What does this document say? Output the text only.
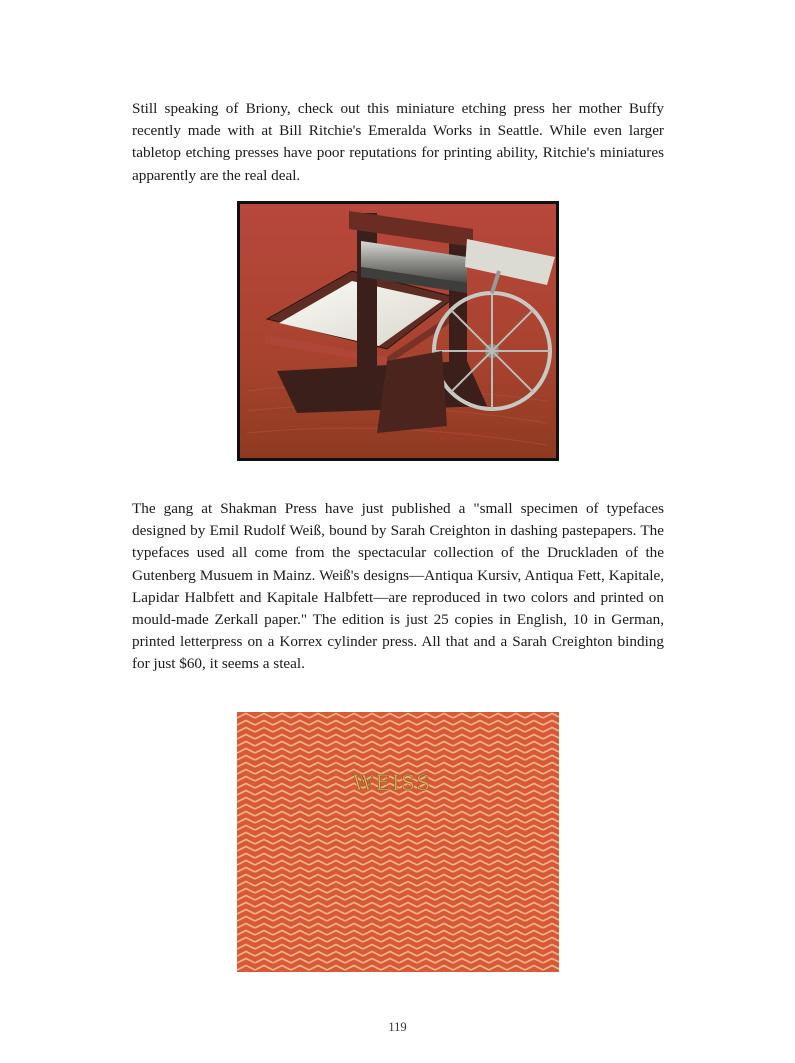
Still speaking of Briony, check out this miniature etching press her mother Buffy recently made with at Bill Ritchie's Emeralda Works in Seattle. While even larger tabletop etching presses have poor reputations for printing ability, Ritchie's miniatures apparently are the real deal.

The gang at Shakman Press have just published a "small specimen of typefaces designed by Emil Rudolf Weiß, bound by Sarah Creighton in dashing pastepapers. The typefaces used all come from the spectacular collection of the Druckladen of the Gutenberg Musuem in Mainz. Weiß's designs—Antiqua Kursiv, Antiqua Fett, Kapitale, Lapidar Halbfett and Kapitale Halbfett—are reproduced in two colors and printed on mould-made Zerkall paper." The edition is just 25 copies in English, 10 in German, printed letterpress on a Korrex cylinder press. All that and a Sarah Creighton binding for just $60, it seems a steal.

WEISS
119
